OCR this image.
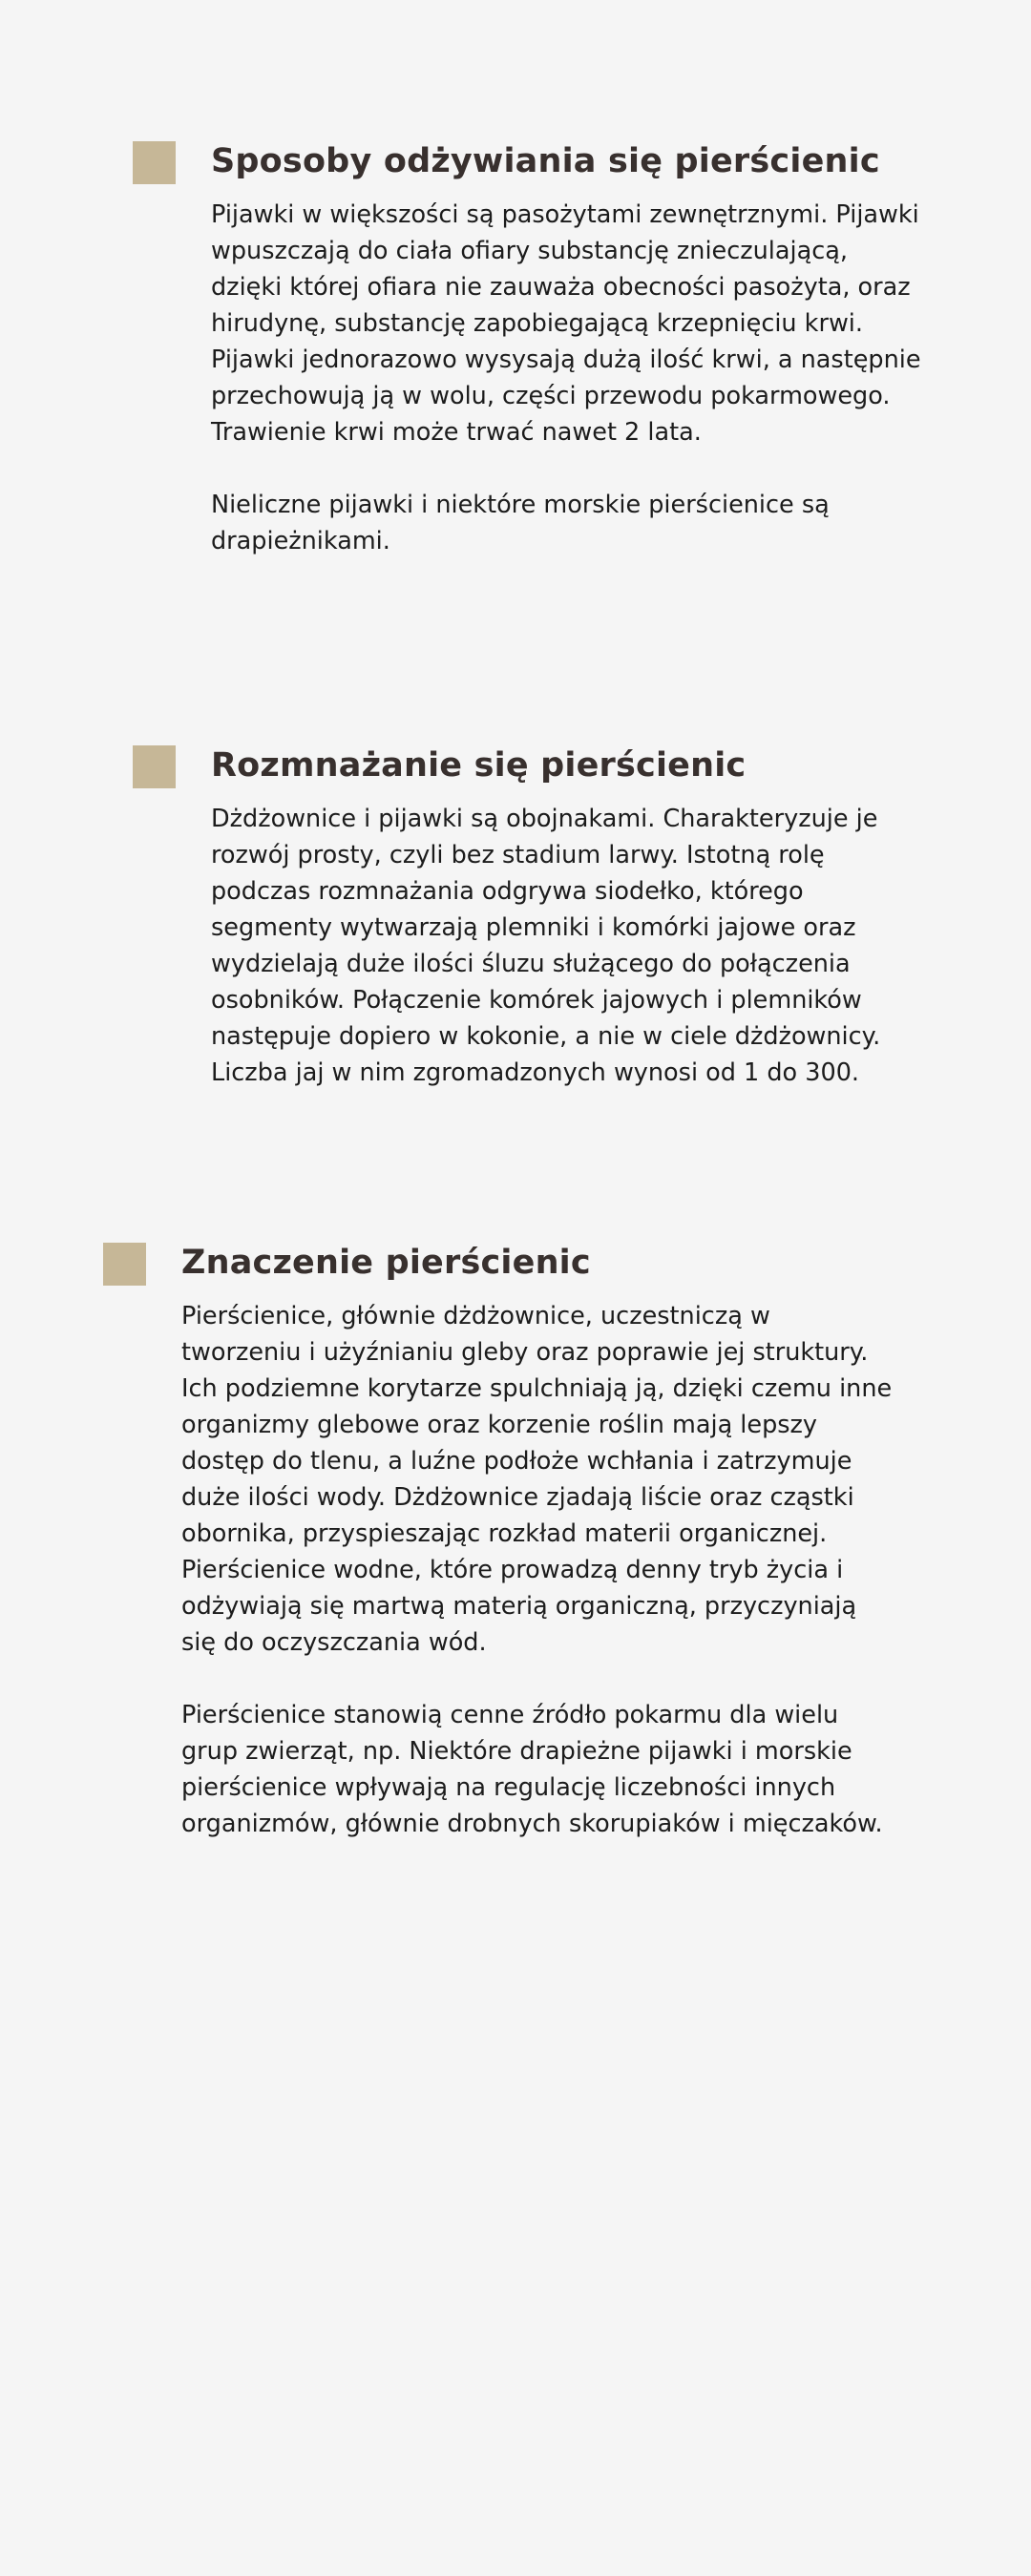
Sposoby odżywiania się pierścienic

Pijawki w większości są pasożytami zewnętrznymi. Pijawki wpuszczają do ciała ofiary substancję znieczulającą, dzięki której ofiara nie zauważa obecności pasożyta, oraz hirudynę, substancję zapobiegającą krzepnięciu krwi. Pijawki jednorazowo wysysają dużą ilość krwi, a następnie przechowują ją w wolu, części przewodu pokarmowego. Trawienie krwi może trwać nawet 2 lata.

Nieliczne pijawki i niektóre morskie pierścienice są drapieżnikami.

Rozmnażanie się pierścienic

Dżdżownice i pijawki są obojnakami. Charakteryzuje je rozwój prosty, czyli bez stadium larwy. Istotną rolę podczas rozmnażania odgrywa siodełko, którego segmenty wytwarzają plemniki i komórki jajowe oraz wydzielają duże ilości śluzu służącego do połączenia osobników. Połączenie komórek jajowych i plemników następuje dopiero w kokonie, a nie w ciele dżdżownicy. Liczba jaj w nim zgromadzonych wynosi od 1 do 300.

Znaczenie pierścienic

Pierścienice, głównie dżdżownice, uczestniczą w tworzeniu i użyźnianiu gleby oraz poprawie jej struktury. Ich podziemne korytarze spulchniają ją, dzięki czemu inne organizmy glebowe oraz korzenie roślin mają lepszy dostęp do tlenu, a luźne podłoże wchłania i zatrzymuje duże ilości wody. Dżdżownice zjadają liście oraz cząstki obornika, przyspieszając rozkład materii organicznej. Pierścienice wodne, które prowadzą denny tryb życia i odżywiają się martwą materią organiczną, przyczyniają się do oczyszczania wód.

Pierścienice stanowią cenne źródło pokarmu dla wielu grup zwierząt, np. Niektóre drapieżne pijawki i morskie pierścienice wpływają na regulację liczebności innych organizmów, głównie drobnych skorupiaków i mięczaków.
